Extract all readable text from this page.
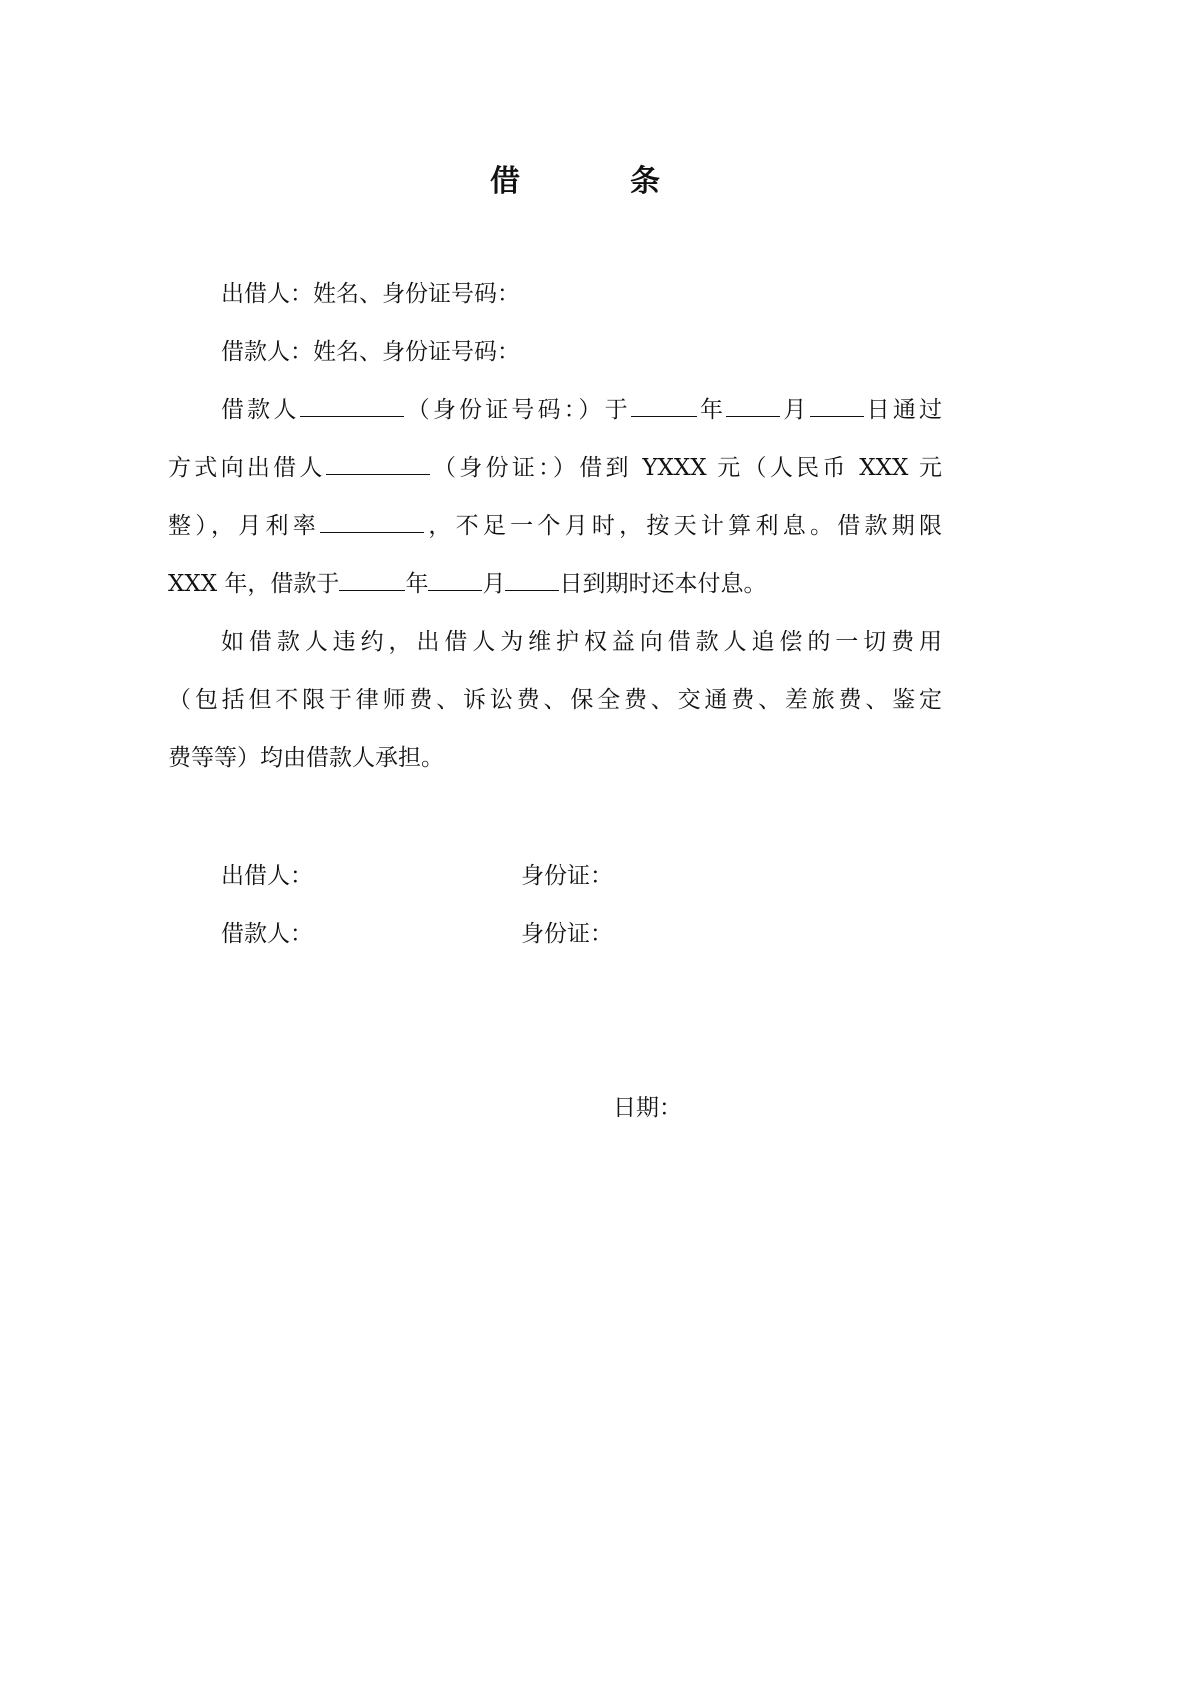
借　条
出借人：姓名、身份证号码：
借款人：姓名、身份证号码：
借款人	（身份证号码：）于	年 月 日通过
方式向出借人	（身份证：）借到 YXXX 元（人民币 XXX 元
整），月利率	，不足一个月时，按天计算利息。借款期限
XXX 年，借款于	年 月 日到期时还本付息。
如借款人违约，出借人为维护权益向借款人追偿的一切费用
（包括但不限于律师费、诉讼费、保全费、交通费、差旅费、鉴定
费等等）均由借款人承担。
出借人：	身份证：
借款人：	身份证：
日期：
